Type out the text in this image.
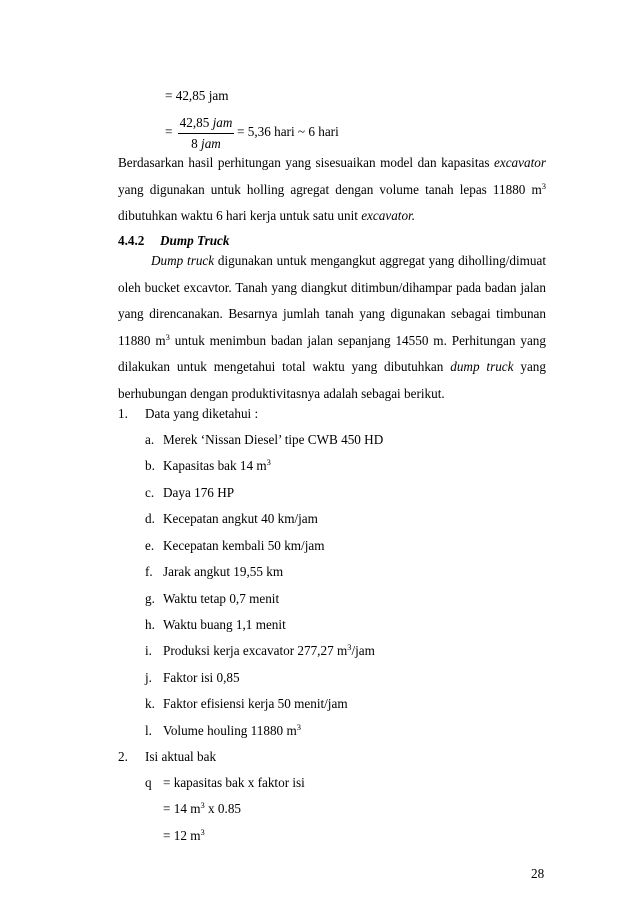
= 42,85 jam
=
42,85 jam
8 jam
= 5,36 hari ~ 6 hari
Berdasarkan hasil perhitungan yang sisesuaikan model dan kapasitas excavator
yang digunakan untuk holling agregat dengan volume tanah lepas 11880 $m^3$
dibutuhkan waktu 6 hari kerja untuk satu unit excavator.
4.4.2 Dump Truck
Dump truck digunakan untuk mengangkut aggregat yang diholling/dimuat
oleh bucket excavtor. Tanah yang diangkut ditimbun/dihampar pada badan jalan
yang direncanakan. Besarnya jumlah tanah yang digunakan sebagai timbunan
11880 $m^3$ untuk menimbun badan jalan sepanjang 14550 m. Perhitungan yang
dilakukan untuk mengetahui total waktu yang dibutuhkan dump truck yang
berhubungan dengan produktivitasnya adalah sebagai berikut.
1. Data yang diketahui :
a. Merek ‘Nissan Diesel’ tipe CWB 450 HD
b. Kapasitas bak 14 $m^3$
c. Daya 176 HP
d. Kecepatan angkut 40 km/jam
e. Kecepatan kembali 50 km/jam
f. Jarak angkut 19,55 km
g. Waktu tetap 0,7 menit
h. Waktu buang 1,1 menit
i. Produksi kerja excavator 277,27 $m^3$/jam
j. Faktor isi 0,85
k. Faktor efisiensi kerja 50 menit/jam
l. Volume houling 11880 $m^3$
2. Isi aktual bak
q = kapasitas bak x faktor isi
= 14 $m^3$ x 0.85
= 12 $m^3$
28
